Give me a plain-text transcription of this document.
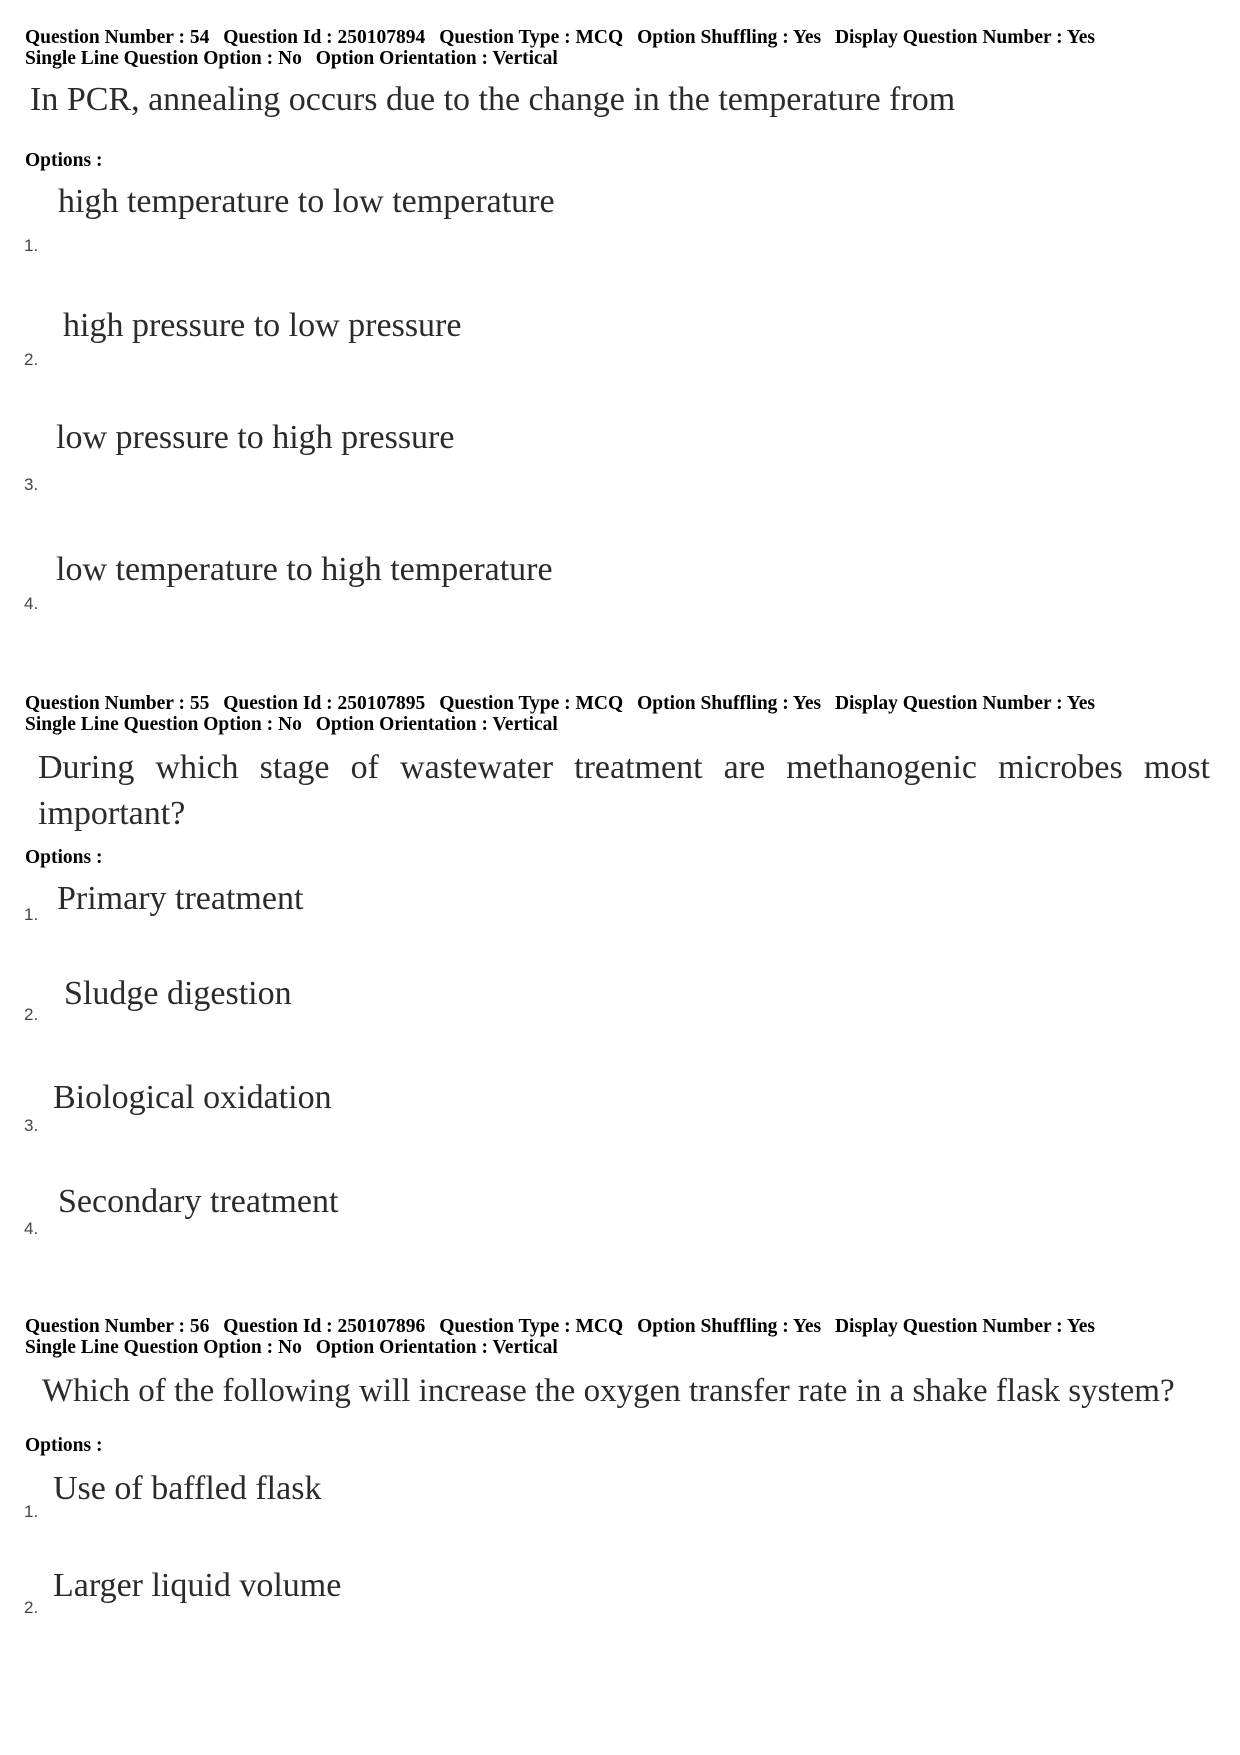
Question Number : 54 Question Id : 250107894 Question Type : MCQ Option Shuffling : Yes Display Question Number : Yes
Single Line Question Option : No Option Orientation : Vertical
In PCR, annealing occurs due to the change in the temperature from
Options :
high temperature to low temperature
1.
high pressure to low pressure
2.
low pressure to high pressure
3.
low temperature to high temperature
4.
Question Number : 55 Question Id : 250107895 Question Type : MCQ Option Shuffling : Yes Display Question Number : Yes
Single Line Question Option : No Option Orientation : Vertical
During which stage of wastewater treatment are methanogenic microbes most important?
Options :
Primary treatment
1.
Sludge digestion
2.
Biological oxidation
3.
Secondary treatment
4.
Question Number : 56 Question Id : 250107896 Question Type : MCQ Option Shuffling : Yes Display Question Number : Yes
Single Line Question Option : No Option Orientation : Vertical
Which of the following will increase the oxygen transfer rate in a shake flask system?
Options :
Use of baffled flask
1.
Larger liquid volume
2.
